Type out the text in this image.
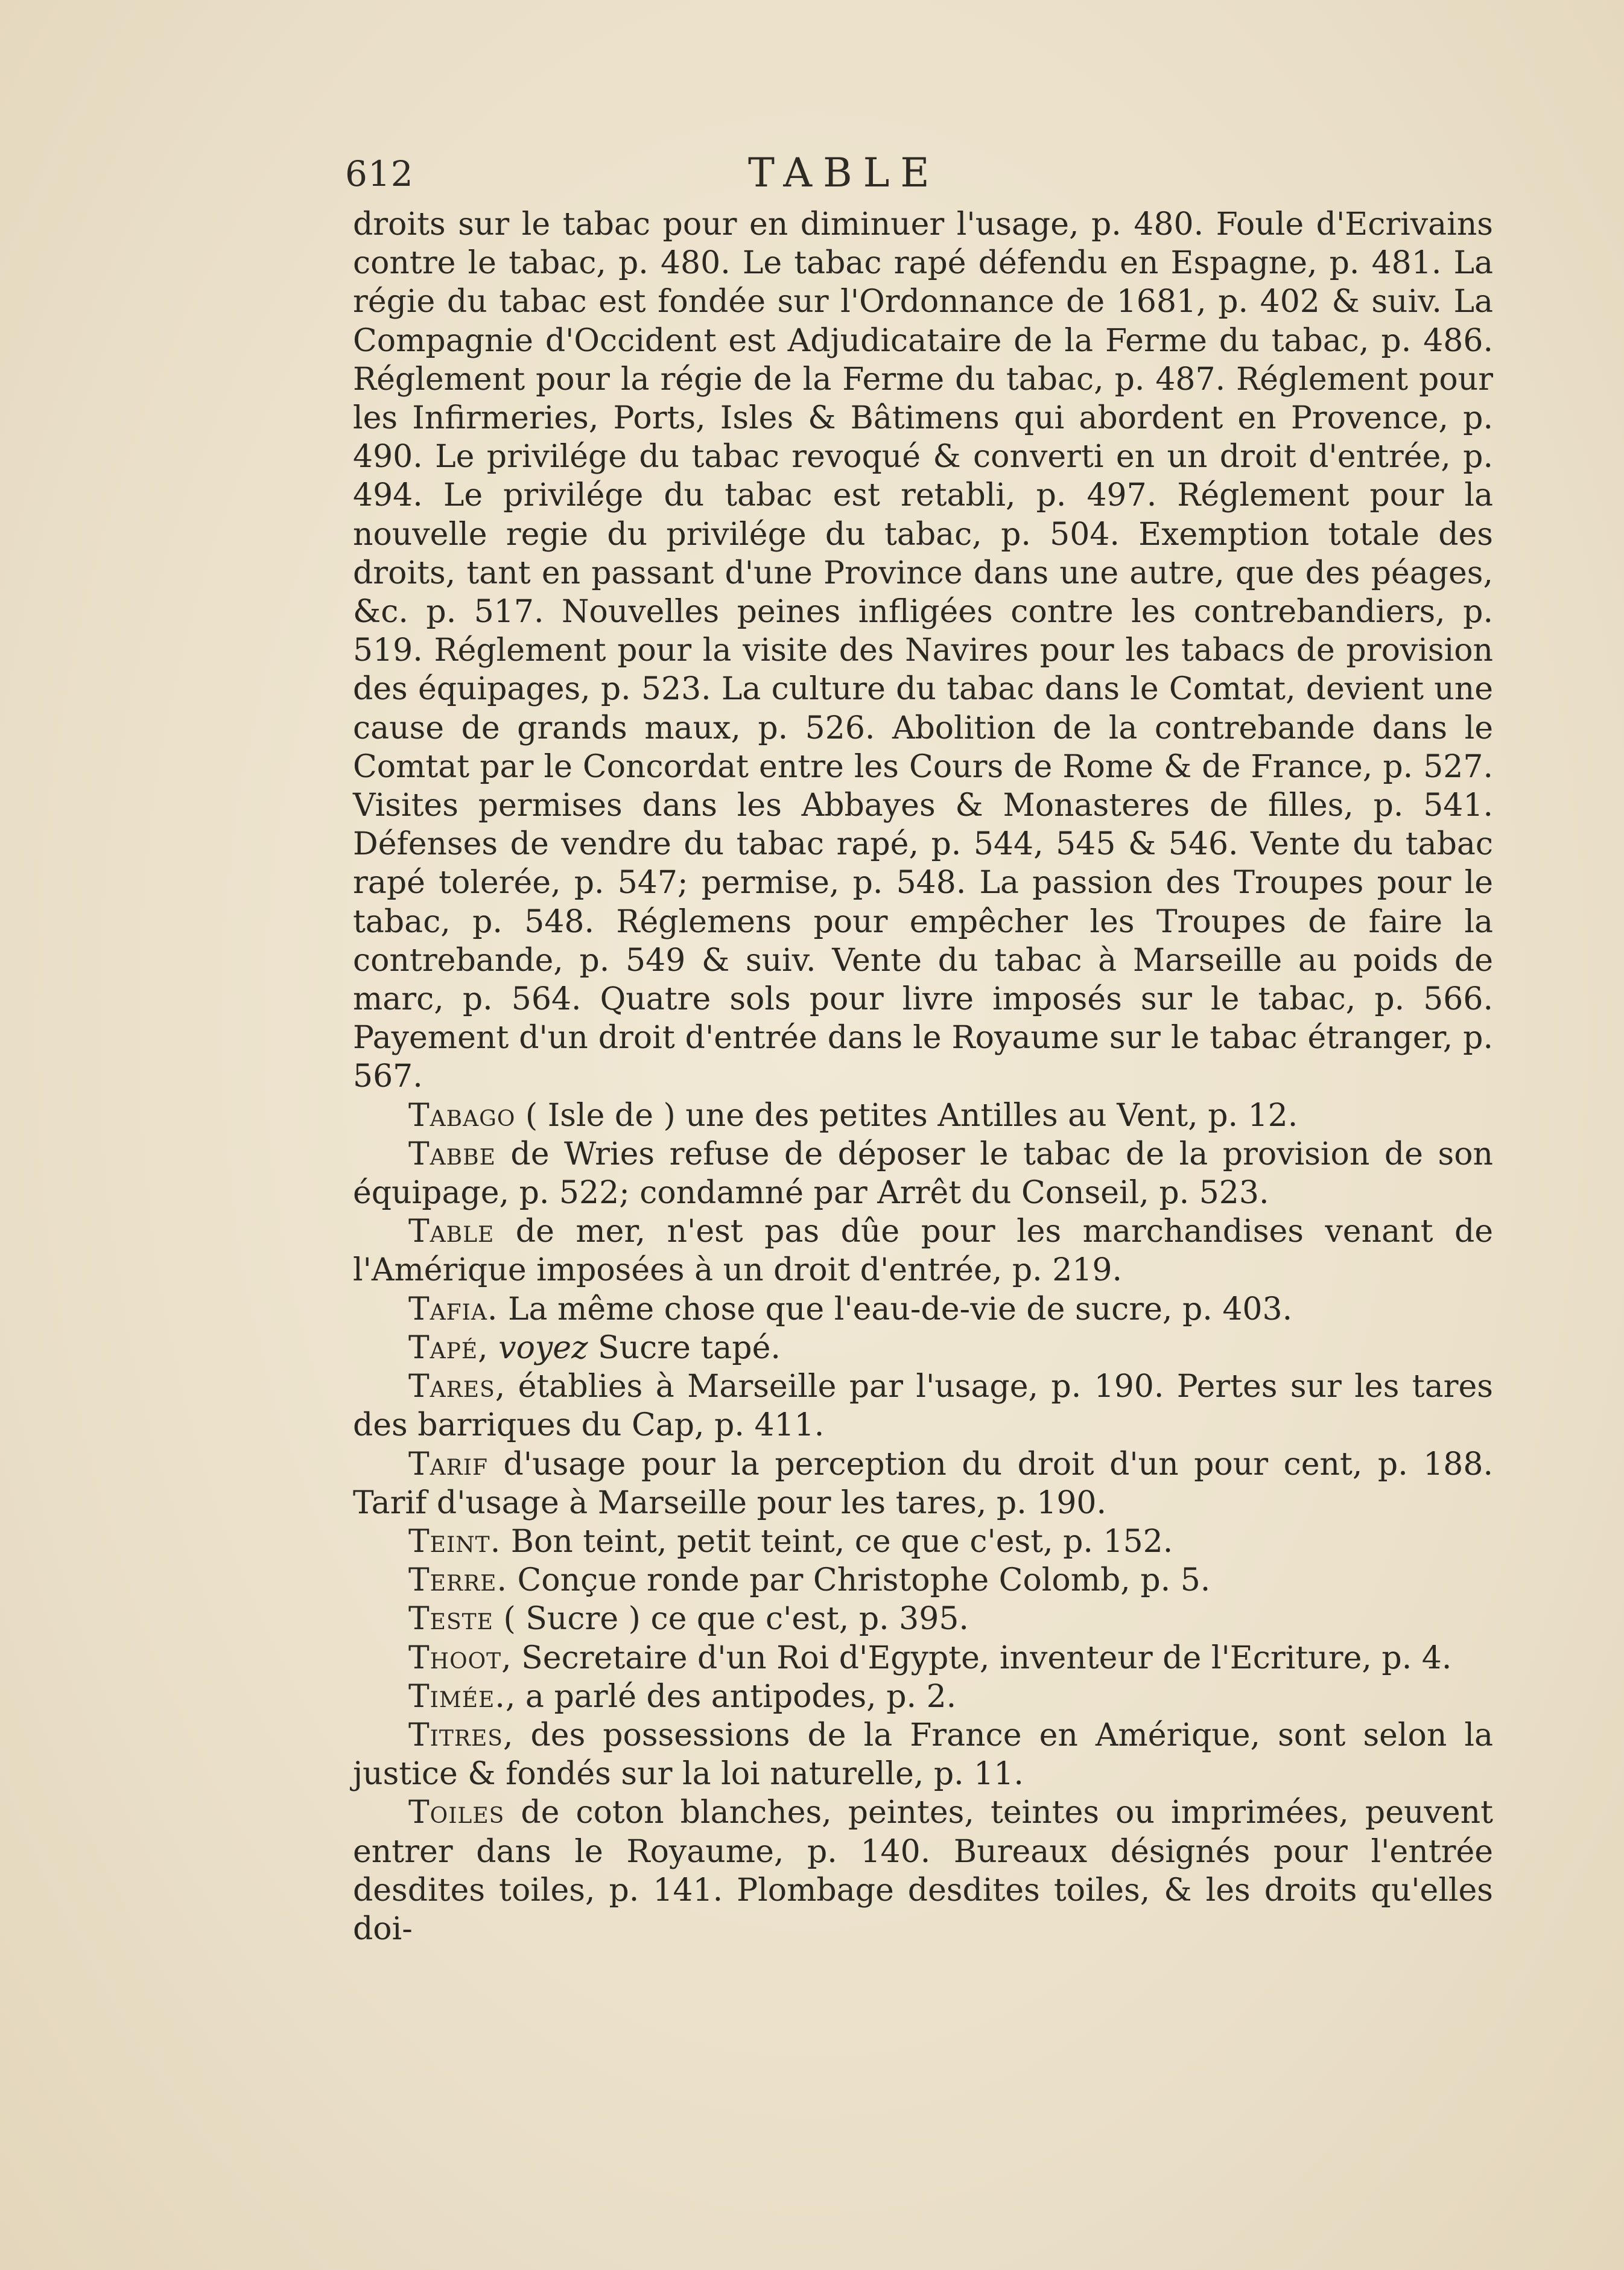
612	TABLE

droits sur le tabac pour en diminuer l'usage, p. 480. Foule d'Ecrivains contre le tabac, p. 480. Le tabac rapé défendu en Espagne, p. 481. La régie du tabac est fondée sur l'Ordonnance de 1681, p. 402 & suiv. La Compagnie d'Occident est Adjudicataire de la Ferme du tabac, p. 486. Réglement pour la régie de la Ferme du tabac, p. 487. Réglement pour les Infirmeries, Ports, Isles & Bâtimens qui abordent en Provence, p. 490. Le privilége du tabac revoqué & converti en un droit d'entrée, p. 494. Le privilége du tabac est retabli, p. 497. Réglement pour la nouvelle regie du privilége du tabac, p. 504. Exemption totale des droits, tant en passant d'une Province dans une autre, que des péages, &c. p. 517. Nouvelles peines infligées contre les contrebandiers, p. 519. Réglement pour la visite des Navires pour les tabacs de provision des équipages, p. 523. La culture du tabac dans le Comtat, devient une cause de grands maux, p. 526. Abolition de la contrebande dans le Comtat par le Concordat entre les Cours de Rome & de France, p. 527. Visites permises dans les Abbayes & Monasteres de filles, p. 541. Défenses de vendre du tabac rapé, p. 544, 545 & 546. Vente du tabac rapé tolerée, p. 547; permise, p. 548. La passion des Troupes pour le tabac, p. 548. Réglemens pour empêcher les Troupes de faire la contrebande, p. 549 & suiv. Vente du tabac à Marseille au poids de marc, p. 564. Quatre sols pour livre imposés sur le tabac, p. 566. Payement d'un droit d'entrée dans le Royaume sur le tabac étranger, p. 567.

Tabago ( Isle de ) une des petites Antilles au Vent, p. 12.

Tabbe de Wries refuse de déposer le tabac de la provision de son équipage, p. 522; condamné par Arrêt du Conseil, p. 523.

Table de mer, n'est pas dûe pour les marchandises venant de l'Amérique imposées à un droit d'entrée, p. 219.

Tafia. La même chose que l'eau-de-vie de sucre, p. 403.

Tapé, voyez Sucre tapé.

Tares, établies à Marseille par l'usage, p. 190. Pertes sur les tares des barriques du Cap, p. 411.

Tarif d'usage pour la perception du droit d'un pour cent, p. 188. Tarif d'usage à Marseille pour les tares, p. 190.

Teint. Bon teint, petit teint, ce que c'est, p. 152.

Terre. Conçue ronde par Christophe Colomb, p. 5.

Teste ( Sucre ) ce que c'est, p. 395.

Thoot, Secretaire d'un Roi d'Egypte, inventeur de l'Ecriture, p. 4.

Timée., a parlé des antipodes, p. 2.

Titres, des possessions de la France en Amérique, sont selon la justice & fondés sur la loi naturelle, p. 11.

Toiles de coton blanches, peintes, teintes ou imprimées, peuvent entrer dans le Royaume, p. 140. Bureaux désignés pour l'entrée desdites toiles, p. 141. Plombage desdites toiles, & les droits qu'elles doi-
